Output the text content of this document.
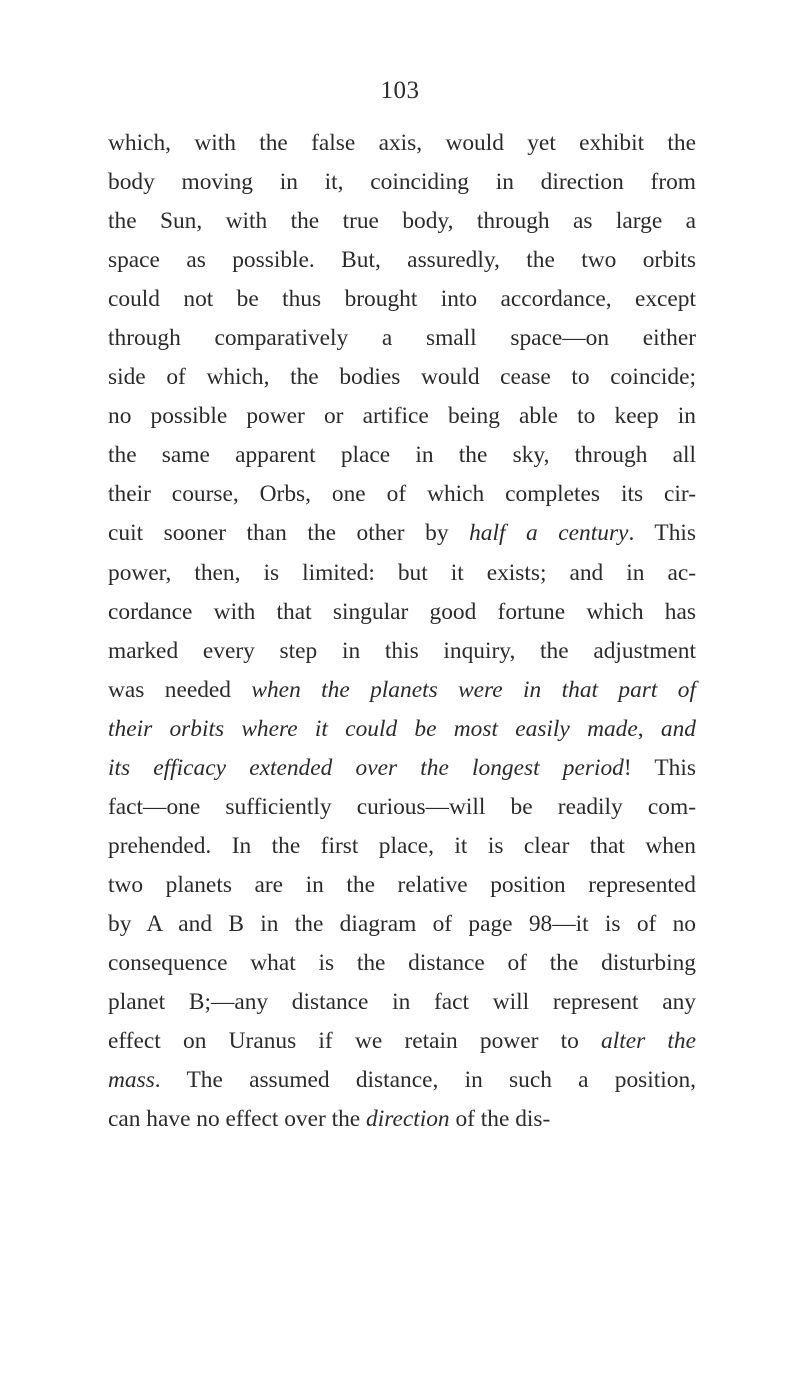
103
which, with the false axis, would yet exhibit the
body moving in it, coinciding in direction from
the Sun, with the true body, through as large a
space as possible. But, assuredly, the two orbits
could not be thus brought into accordance, except
through comparatively a small space—on either
side of which, the bodies would cease to coincide;
no possible power or artifice being able to keep in
the same apparent place in the sky, through all
their course, Orbs, one of which completes its cir-
cuit sooner than the other by half a century. This
power, then, is limited: but it exists; and in ac-
cordance with that singular good fortune which has
marked every step in this inquiry, the adjustment
was needed when the planets were in that part of
their orbits where it could be most easily made, and
its efficacy extended over the longest period! This
fact—one sufficiently curious—will be readily com-
prehended. In the first place, it is clear that when
two planets are in the relative position represented
by A and B in the diagram of page 98—it is of no
consequence what is the distance of the disturbing
planet B;—any distance in fact will represent any
effect on Uranus if we retain power to alter the
mass. The assumed distance, in such a position,
can have no effect over the direction of the dis-
